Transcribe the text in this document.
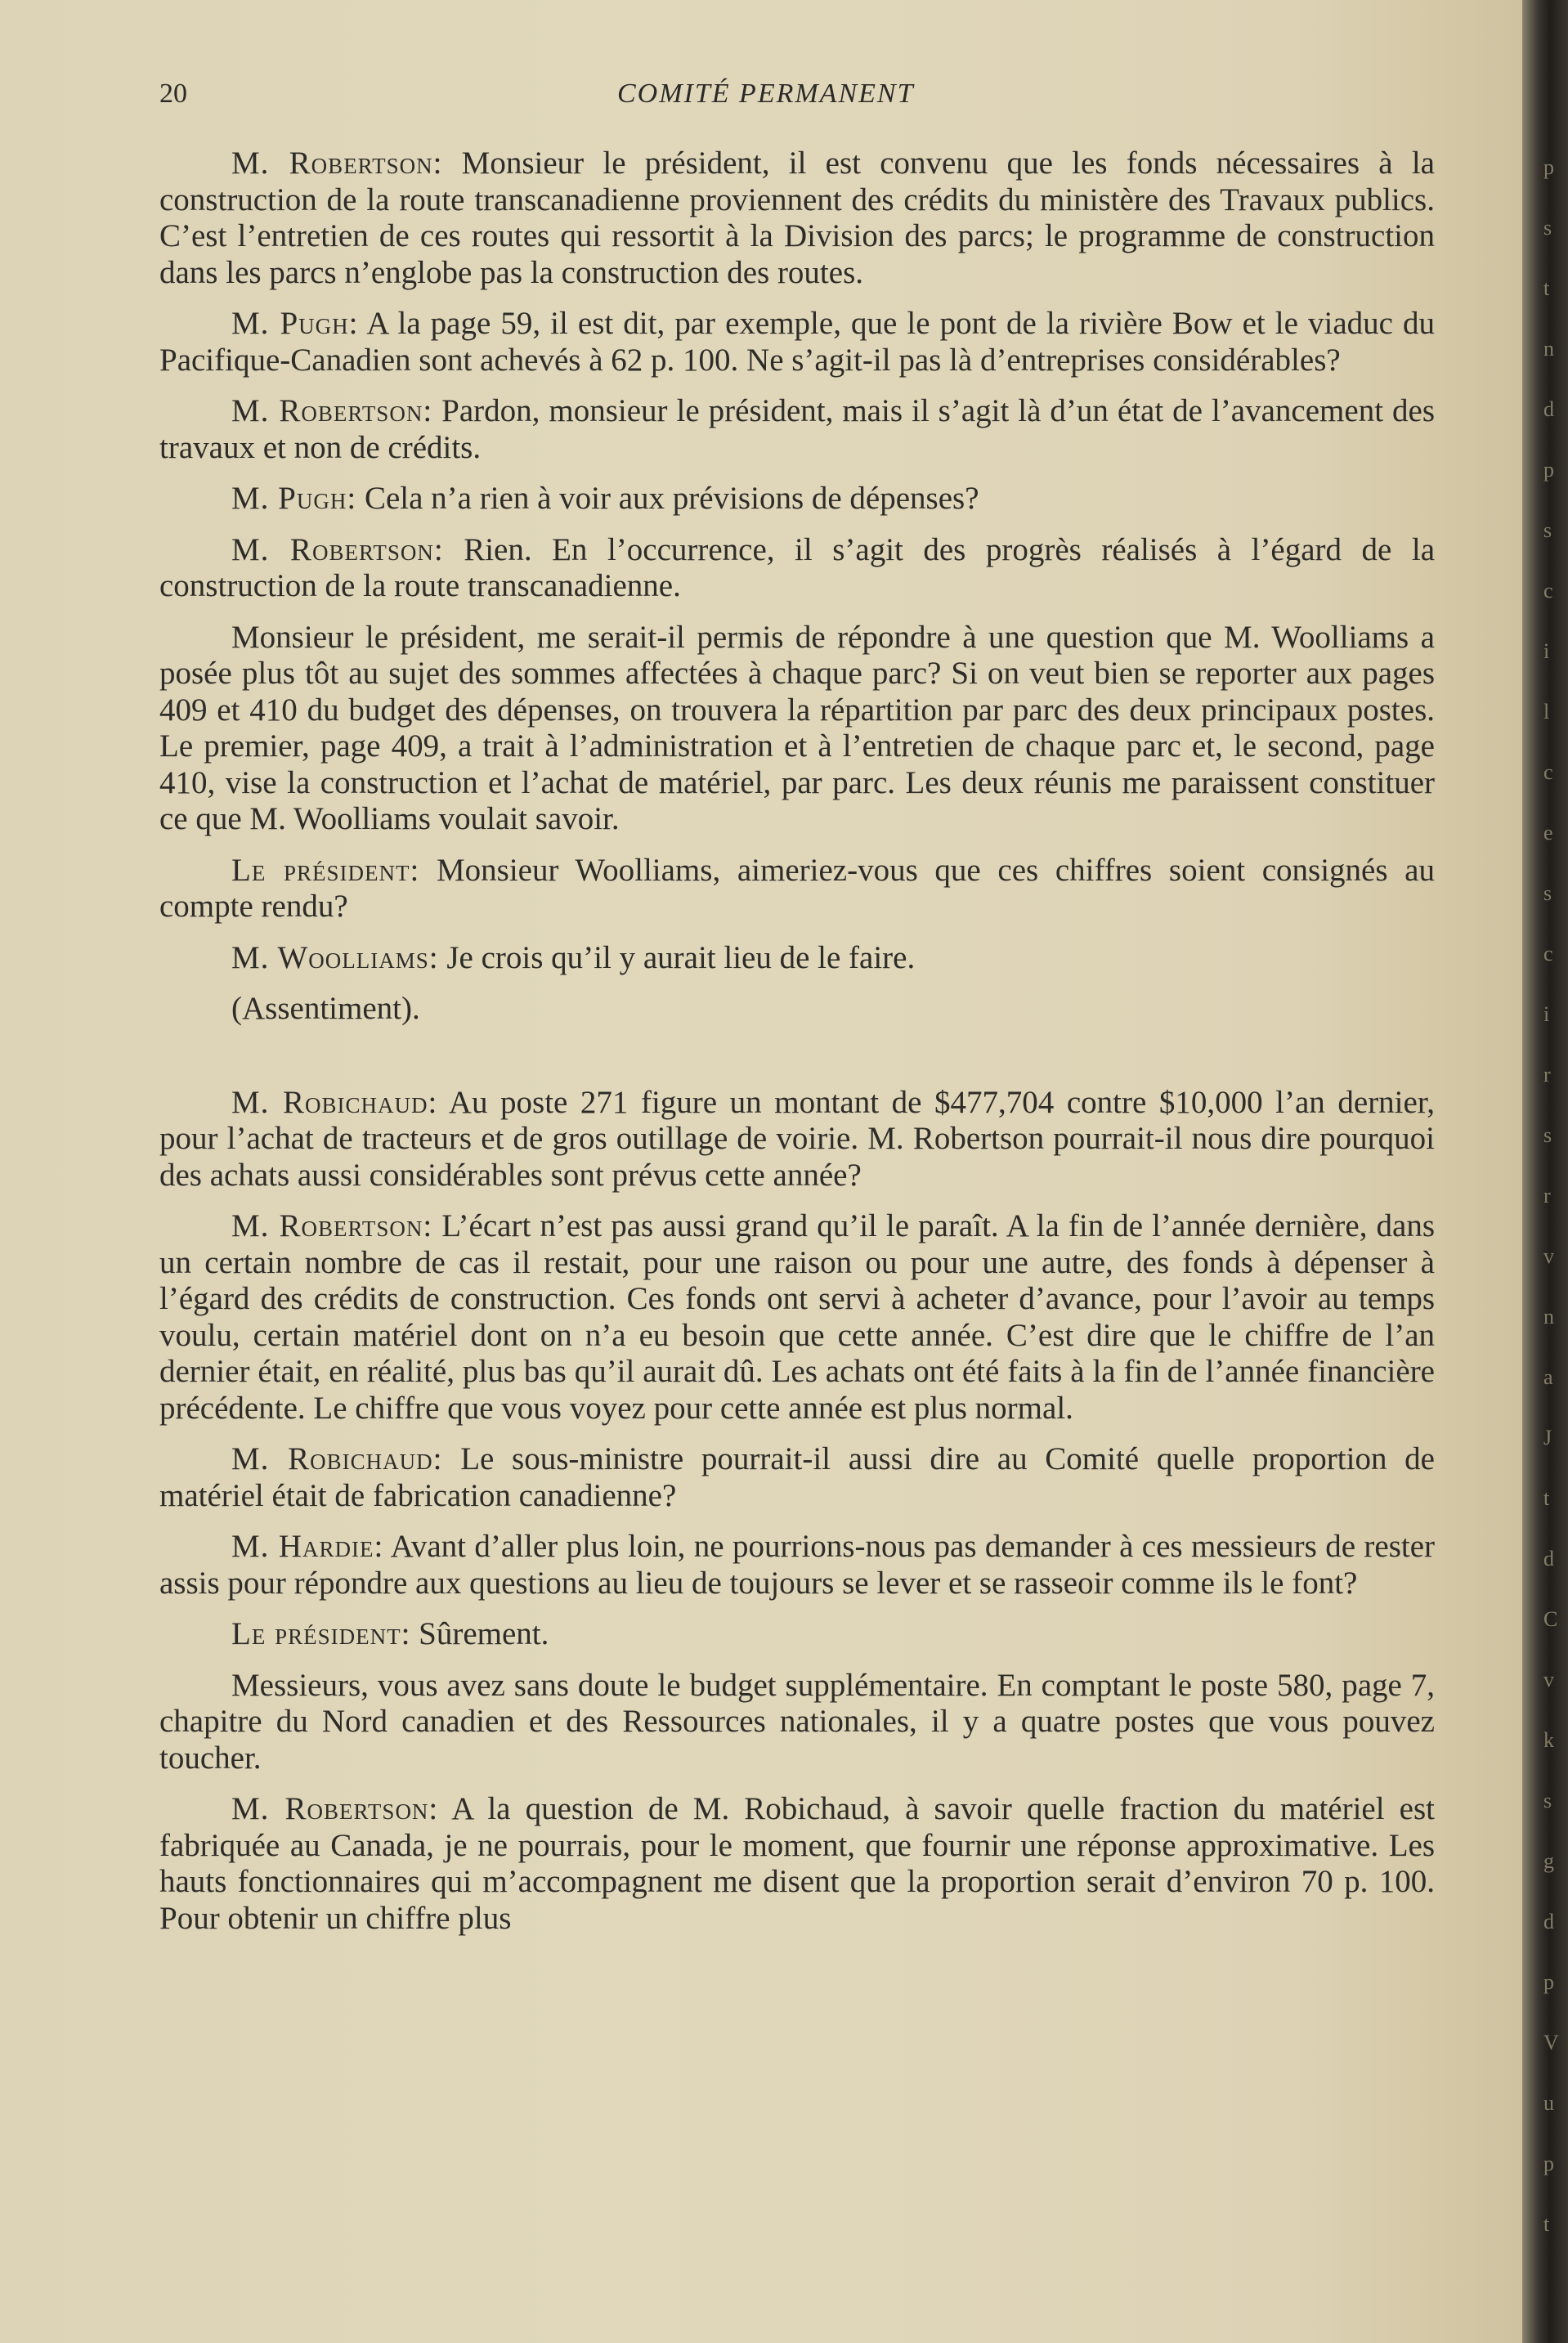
20	COMITÉ PERMANENT

M. Robertson: Monsieur le président, il est convenu que les fonds nécessaires à la construction de la route transcanadienne proviennent des crédits du ministère des Travaux publics. C’est l’entretien de ces routes qui ressortit à la Division des parcs; le programme de construction dans les parcs n’englobe pas la construction des routes.

M. Pugh: A la page 59, il est dit, par exemple, que le pont de la rivière Bow et le viaduc du Pacifique-Canadien sont achevés à 62 p. 100. Ne s’agit-il pas là d’entreprises considérables?

M. Robertson: Pardon, monsieur le président, mais il s’agit là d’un état de l’avancement des travaux et non de crédits.

M. Pugh: Cela n’a rien à voir aux prévisions de dépenses?

M. Robertson: Rien. En l’occurrence, il s’agit des progrès réalisés à l’égard de la construction de la route transcanadienne.

Monsieur le président, me serait-il permis de répondre à une question que M. Woolliams a posée plus tôt au sujet des sommes affectées à chaque parc? Si on veut bien se reporter aux pages 409 et 410 du budget des dépenses, on trouvera la répartition par parc des deux principaux postes. Le premier, page 409, a trait à l’administration et à l’entretien de chaque parc et, le second, page 410, vise la construction et l’achat de matériel, par parc. Les deux réunis me paraissent constituer ce que M. Woolliams voulait savoir.

Le président: Monsieur Woolliams, aimeriez-vous que ces chiffres soient consignés au compte rendu?

M. Woolliams: Je crois qu’il y aurait lieu de le faire.

(Assentiment).

M. Robichaud: Au poste 271 figure un montant de $477,704 contre $10,000 l’an dernier, pour l’achat de tracteurs et de gros outillage de voirie. M. Robertson pourrait-il nous dire pourquoi des achats aussi considérables sont prévus cette année?

M. Robertson: L’écart n’est pas aussi grand qu’il le paraît. A la fin de l’année dernière, dans un certain nombre de cas il restait, pour une raison ou pour une autre, des fonds à dépenser à l’égard des crédits de construction. Ces fonds ont servi à acheter d’avance, pour l’avoir au temps voulu, certain matériel dont on n’a eu besoin que cette année. C’est dire que le chiffre de l’an dernier était, en réalité, plus bas qu’il aurait dû. Les achats ont été faits à la fin de l’année financière précédente. Le chiffre que vous voyez pour cette année est plus normal.

M. Robichaud: Le sous-ministre pourrait-il aussi dire au Comité quelle proportion de matériel était de fabrication canadienne?

M. Hardie: Avant d’aller plus loin, ne pourrions-nous pas demander à ces messieurs de rester assis pour répondre aux questions au lieu de toujours se lever et se rasseoir comme ils le font?

Le président: Sûrement.

Messieurs, vous avez sans doute le budget supplémentaire. En comptant le poste 580, page 7, chapitre du Nord canadien et des Ressources nationales, il y a quatre postes que vous pouvez toucher.

M. Robertson: A la question de M. Robichaud, à savoir quelle fraction du matériel est fabriquée au Canada, je ne pourrais, pour le moment, que fournir une réponse approximative. Les hauts fonctionnaires qui m’accompagnent me disent que la proportion serait d’environ 70 p. 100. Pour obtenir un chiffre plus

p
s
t
n
d
p
s
c
i
l
c
e
s
c
i
r
s
r
v
n
a
J
t
d
C
v
k
s
g
d
p
V
u
p
t
